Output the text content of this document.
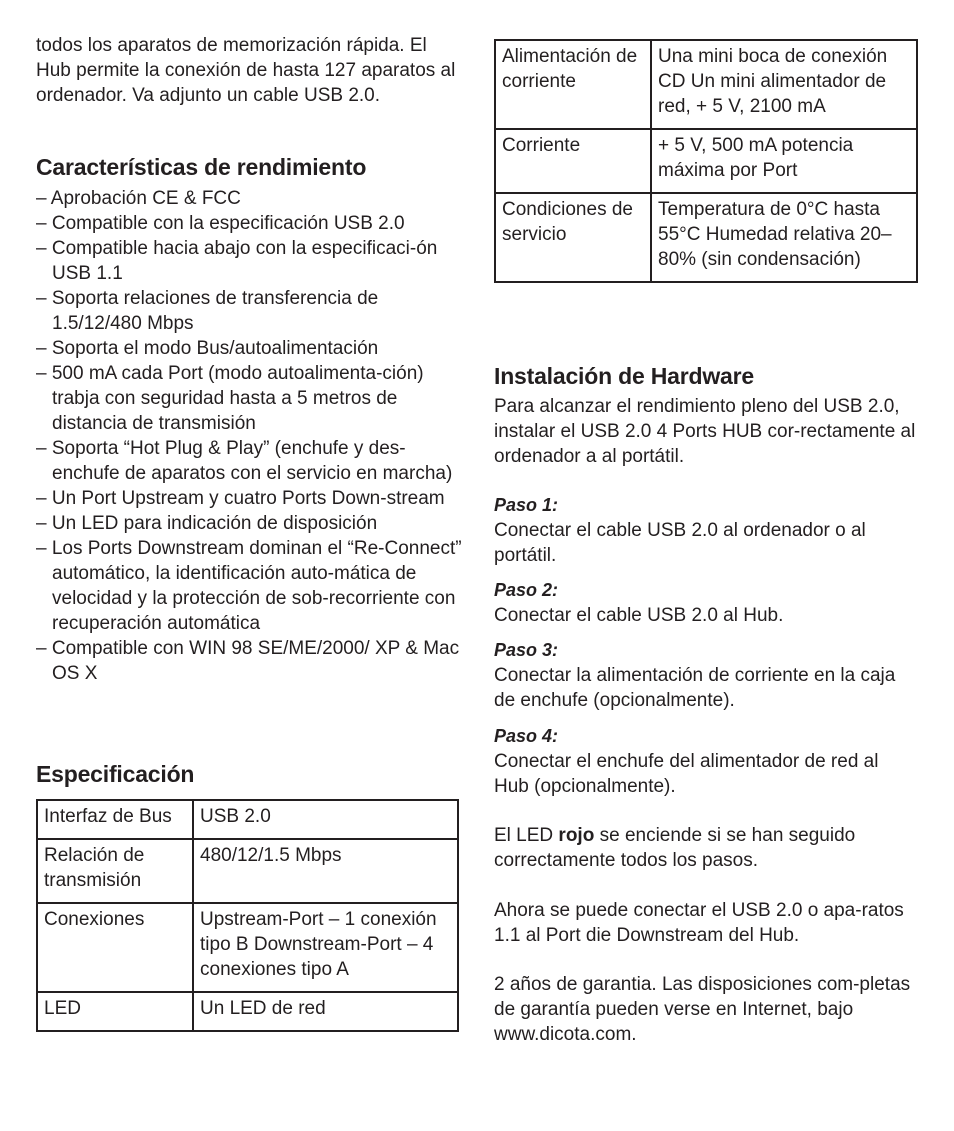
todos los aparatos de memorización rápida. El Hub permite la conexión de hasta 127 aparatos al ordenador. Va adjunto un cable USB 2.0.

Características de rendimiento
– Aprobación CE & FCC
– Compatible con la especificación USB 2.0
– Compatible hacia abajo con la especificaci-ón USB 1.1
– Soporta relaciones de transferencia de 1.5/12/480 Mbps
– Soporta el modo Bus/autoalimentación
– 500 mA cada Port (modo autoalimenta-ción) trabja con seguridad hasta a 5 metros de distancia de transmisión
– Soporta “Hot Plug & Play” (enchufe y des-enchufe de aparatos con el servicio en marcha)
– Un Port Upstream y cuatro Ports Down-stream
– Un LED para indicación de disposición
– Los Ports Downstream dominan el “Re-Connect” automático, la identificación auto-mática de velocidad y la protección de sob-recorriente con recuperación automática
– Compatible con WIN 98 SE/ME/2000/ XP & Mac OS X
Especificación
Interfaz de Bus	USB 2.0
Relación de transmisión	480/12/1.5 Mbps
Conexiones	Upstream-Port – 1 conexión tipo B Downstream-Port – 4 conexiones tipo A
LED	Un LED de red
Alimentación de corriente	Una mini boca de conexión CD Un mini alimentador de red, + 5 V, 2100 mA
Corriente	+ 5 V, 500 mA potencia máxima por Port
Condiciones de servicio	Temperatura de 0°C hasta 55°C Humedad relativa 20–80% (sin condensación)
Instalación de Hardware

Para alcanzar el rendimiento pleno del USB 2.0, instalar el USB 2.0 4 Ports HUB cor-rectamente al ordenador a al portátil.

Paso 1:

Conectar el cable USB 2.0 al ordenador o al portátil.

Paso 2:

Conectar el cable USB 2.0 al Hub.

Paso 3:

Conectar la alimentación de corriente en la caja de enchufe (opcionalmente).

Paso 4:

Conectar el enchufe del alimentador de red al Hub (opcionalmente).

El LED rojo se enciende si se han seguido correctamente todos los pasos.

Ahora se puede conectar el USB 2.0 o apa-ratos 1.1 al Port die Downstream del Hub.

2 años de garantia. Las disposiciones com-pletas de garantía pueden verse en Internet, bajo www.dicota.com.
